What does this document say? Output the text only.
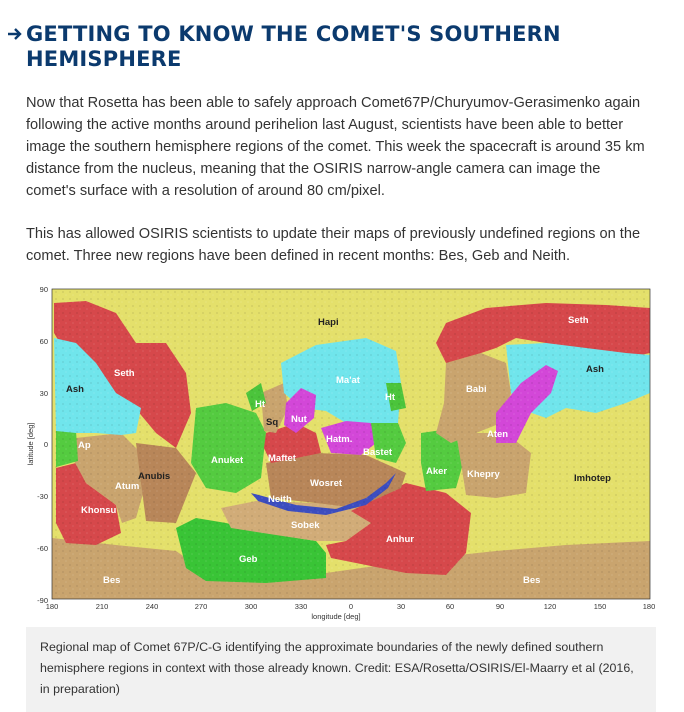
GETTING TO KNOW THE COMET'S SOUTHERN HEMISPHERE

Now that Rosetta has been able to safely approach Comet67P/Churyumov-Gerasimenko again following the active months around perihelion last August, scientists have been able to better image the southern hemisphere regions of the comet. This week the spacecraft is around 35 km distance from the nucleus, meaning that the OSIRIS narrow-angle camera can image the comet's surface with a resolution of around 80 cm/pixel.

This has allowed OSIRIS scientists to update their maps of previously undefined regions on the comet. Three new regions have been defined in recent months: Bes, Geb and Neith.

latitude [deg]
90
60
30
0
-30
-60
-90
180	210	240	270	300	330	0	30	60	90	120	150	180
longitude [deg]
Hapi
Seth
Seth
Ash
Ash
Ma'at
Babi
Ht
Ht
Sq Nut
Hatm.	Aten
Bastet
Ap
Anuket	Maftet
Anubis
Atum	Wosret
Aker Khepry	Imhotep
Neith
Khonsu
Sobek
Anhur
Geb
Bes	Bes

Regional map of Comet 67P/C-G identifying the approximate boundaries of the newly defined southern hemisphere regions in context with those already known. Credit: ESA/Rosetta/OSIRIS/El-Maarry et al (2016, in preparation)
